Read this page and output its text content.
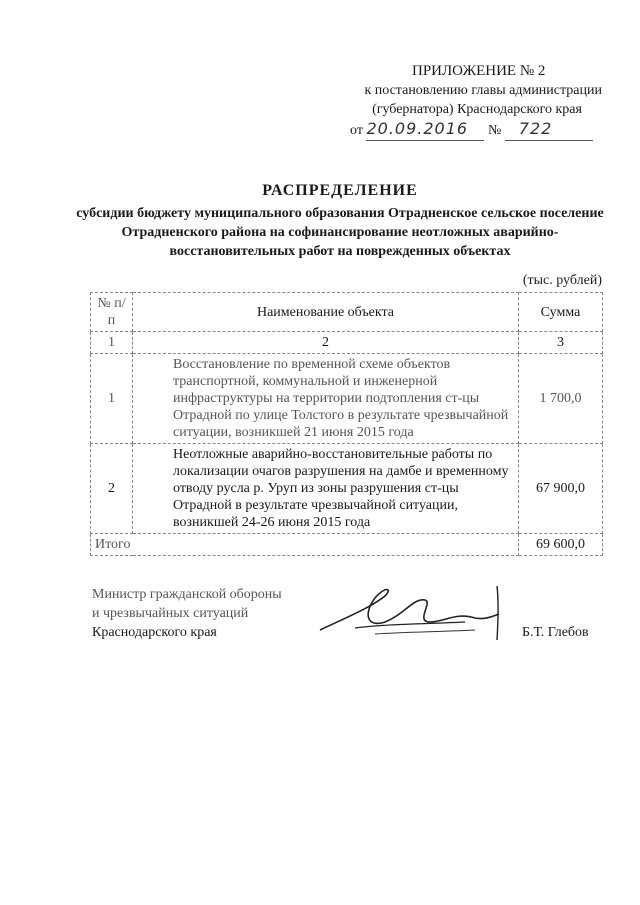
ПРИЛОЖЕНИЕ № 2
к постановлению главы администрации
(губернатора) Краснодарского края
от 20.09.2016 № 722
РАСПРЕДЕЛЕНИЕ
субсидии бюджету муниципального образования Отрадненское сельское поселение Отрадненского района на софинансирование неотложных аварийно-восстановительных работ на поврежденных объектах
(тыс. рублей)
№ п/п	Наименование объекта	Сумма
1	2	3
1	Восстановление по временной схеме объектов транспортной, коммунальной и инженерной инфраструктуры на территории подтопления ст-цы Отрадной по улице Толстого в результате чрезвычайной ситуации, возникшей 21 июня 2015 года	1 700,0
2	Неотложные аварийно-восстановительные работы по локализации очагов разрушения на дамбе и временному отводу русла р. Уруп из зоны разрушения ст-цы Отрадной в результате чрезвычайной ситуации, возникшей 24-26 июня 2015 года	67 900,0
Итого		69 600,0
Министр гражданской обороны
и чрезвычайных ситуаций
Краснодарского края	Б.Т. Глебов
